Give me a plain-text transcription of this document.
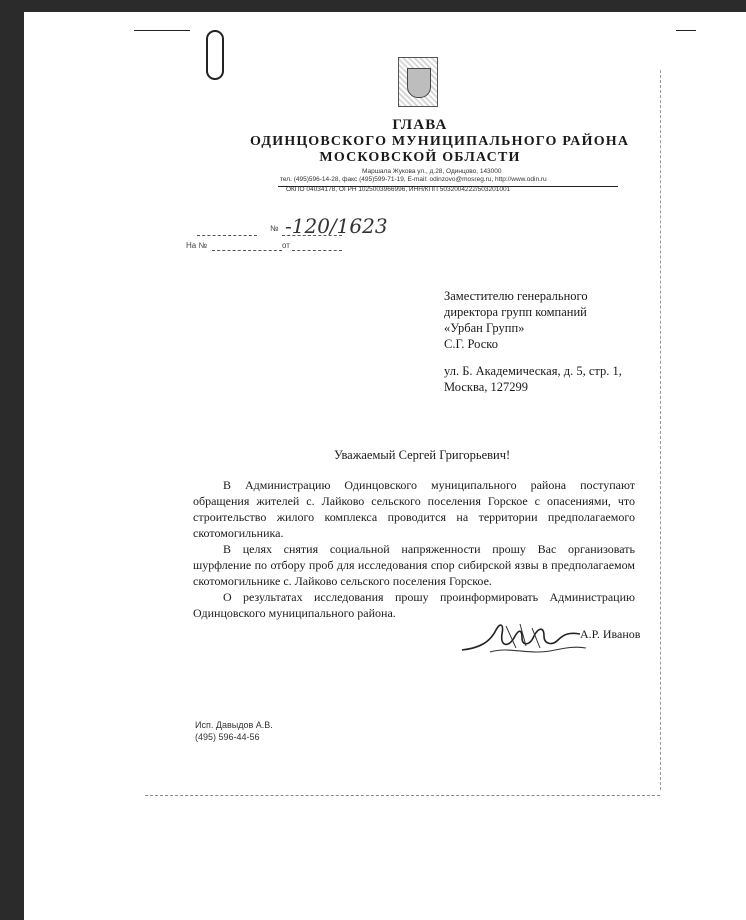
ГЛАВА
ОДИНЦОВСКОГО МУНИЦИПАЛЬНОГО РАЙОНА
МОСКОВСКОЙ ОБЛАСТИ
Маршала Жукова ул., д.28, Одинцово, 143000
тел. (495)596-14-28, факс (495)599-71-19, E-mail: odinzovo@mosreg.ru, http://www.odin.ru
ОКПО 04034178, ОГРН 1025003966996, ИНН/КПП 5032004222/503201001
№ -120/1623
На №	от
Заместителю генерального
директора групп компаний
«Урбан Групп»
С.Г. Роско
ул. Б. Академическая, д. 5, стр. 1,
Москва, 127299
Уважаемый Сергей Григорьевич!

В Администрацию Одинцовского муниципального района поступают обращения жителей с. Лайково сельского поселения Горское с опасениями, что строительство жилого комплекса проводится на территории предполагаемого скотомогильника.

В целях снятия социальной напряженности прошу Вас организовать шурфление по отбору проб для исследования спор сибирской язвы в предполагаемом скотомогильнике с. Лайково сельского поселения Горское.

О результатах исследования прошу проинформировать Администрацию Одинцовского муниципального района.

А.Р. Иванов
Исп. Давыдов А.В.
(495) 596-44-56
